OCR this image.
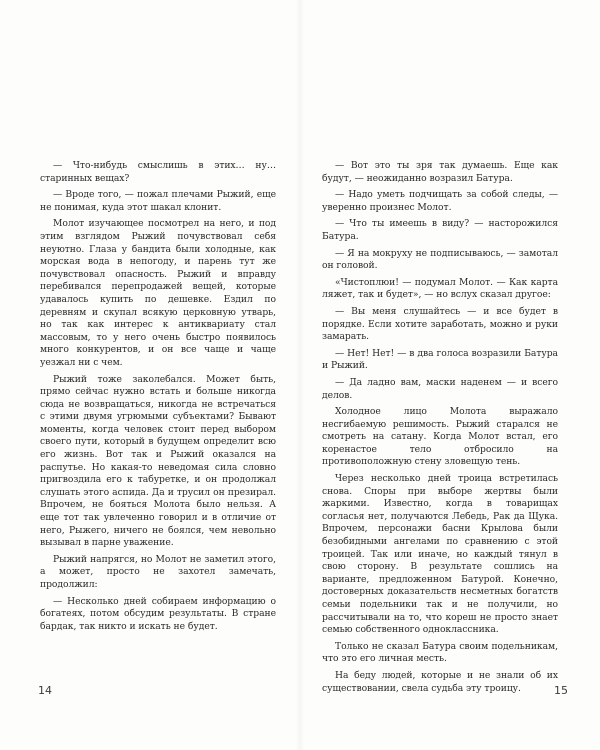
— Что-нибудь смыслишь в этих… ну… старинных вещах?

— Вроде того, — пожал плечами Рыжий, еще не понимая, куда этот шакал клонит.

Молот изучающее посмотрел на него, и под этим взглядом Рыжий почувствовал себя неуютно. Глаза у бандита были холодные, как морская вода в непогоду, и парень тут же почувствовал опасность. Рыжий и вправду перебивался перепродажей вещей, которые удавалось купить по дешевке. Ездил по деревням и скупал всякую церковную утварь, но так как интерес к антиквариату стал массовым, то у него очень быстро появилось много конкурентов, и он все чаще и чаще уезжал ни с чем.

Рыжий тоже заколебался. Может быть, прямо сейчас нужно встать и больше никогда сюда не возвращаться, никогда не встречаться с этими двумя угрюмыми субъектами? Бывают моменты, когда человек стоит перед выбором своего пути, который в будущем определит всю его жизнь. Вот так и Рыжий оказался на распутье. Но какая-то неведомая сила словно пригвоздила его к табуретке, и он продолжал слушать этого аспида. Да и трусил он презирал. Впрочем, не бояться Молота было нельзя. А еще тот так увлеченно говорил и в отличие от него, Рыжего, ничего не боялся, чем невольно вызывал в парне уважение.

Рыжий напрягся, но Молот не заметил этого, а может, просто не захотел замечать, продолжил:

— Несколько дней собираем информацию о богатеях, потом обсудим результаты. В стране бардак, так никто и искать не будет.

— Вот это ты зря так думаешь. Еще как будут, — неожиданно возразил Батура.

— Надо уметь подчищать за собой следы, — уверенно произнес Молот.

— Что ты имеешь в виду? — насторожился Батура.

— Я на мокруху не подписываюсь, — замотал он головой.

«Чистоплюи! — подумал Молот. — Как карта ляжет, так и будет», — но вслух сказал другое:

— Вы меня слушайтесь — и все будет в порядке. Если хотите заработать, можно и руки замарать.

— Нет! Нет! — в два голоса возразили Батура и Рыжий.

— Да ладно вам, маски наденем — и всего делов.

Холодное лицо Молота выражало несгибаемую решимость. Рыжий старался не смотреть на сатану. Когда Молот встал, его коренастое тело отбросило на противоположную стену зловещую тень.

Через несколько дней троица встретилась снова. Споры при выборе жертвы были жаркими. Известно, когда в товарищах согласья нет, получаются Лебедь, Рак да Щука. Впрочем, персонажи басни Крылова были безобидными ангелами по сравнению с этой троицей. Так или иначе, но каждый тянул в свою сторону. В результате сошлись на варианте, предложенном Батурой. Конечно, достоверных доказательств несметных богатств семьи подельники так и не получили, но рассчитывали на то, что кореш не просто знает семью собственного одноклассника.

Только не сказал Батура своим подельникам, что это его личная месть.

На беду людей, которые и не знали об их существовании, свела судьба эту троицу.

14	15
